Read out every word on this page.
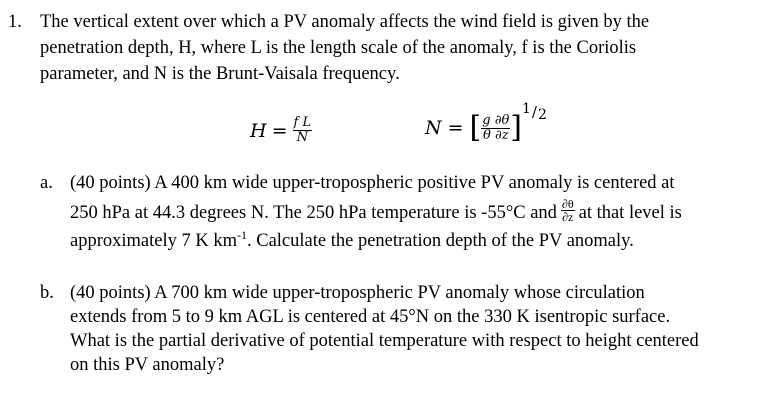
1. The vertical extent over which a PV anomaly affects the wind field is given by the
penetration depth, H, where L is the length scale of the anomaly, f is the Coriolis
parameter, and N is the Brunt-Vaisala frequency.
$H = \frac{\text{f L}}{N}$	N = [ $\frac{g \partial\theta}{\theta \partial z}$ ]
1 / 2
a. (40 points) A 400 km wide upper-tropospheric positive PV anomaly is centered at
250 hPa at 44.3 degrees N. The 250 hPa temperature is -55°C and $\frac{\partial\theta}{\partial z}$ at that level is
approximately 7 K $km^{-1}$. Calculate the penetration depth of the PV anomaly.
b. (40 points) A 700 km wide upper-tropospheric PV anomaly whose circulation
extends from 5 to 9 km AGL is centered at 45°N on the 330 K isentropic surface.
What is the partial derivative of potential temperature with respect to height centered
on this PV anomaly?
